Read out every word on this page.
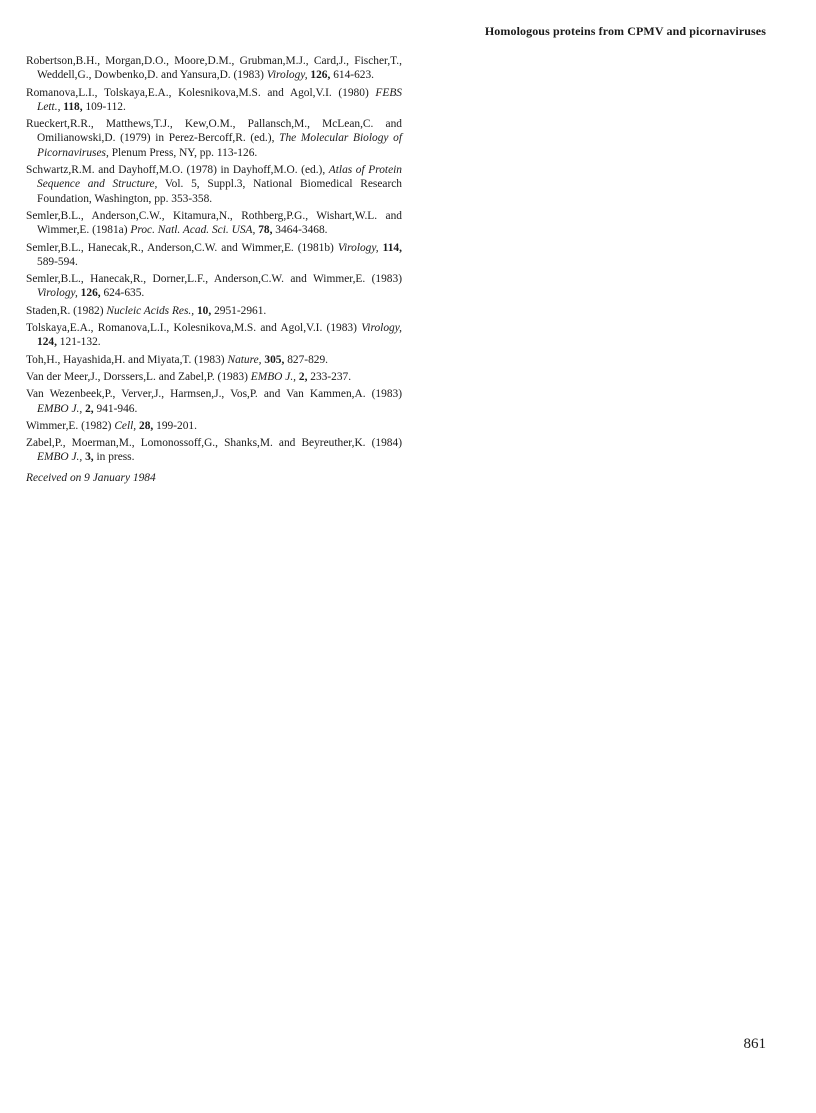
Homologous proteins from CPMV and picornaviruses

Robertson,B.H., Morgan,D.O., Moore,D.M., Grubman,M.J., Card,J., Fischer,T., Weddell,G., Dowbenko,D. and Yansura,D. (1983) Virology, 126, 614-623.

Romanova,L.I., Tolskaya,E.A., Kolesnikova,M.S. and Agol,V.I. (1980) FEBS Lett., 118, 109-112.

Rueckert,R.R., Matthews,T.J., Kew,O.M., Pallansch,M., McLean,C. and Omilianowski,D. (1979) in Perez-Bercoff,R. (ed.), The Molecular Biology of Picornaviruses, Plenum Press, NY, pp. 113-126.

Schwartz,R.M. and Dayhoff,M.O. (1978) in Dayhoff,M.O. (ed.), Atlas of Protein Sequence and Structure, Vol. 5, Suppl.3, National Biomedical Research Foundation, Washington, pp. 353-358.

Semler,B.L., Anderson,C.W., Kitamura,N., Rothberg,P.G., Wishart,W.L. and Wimmer,E. (1981a) Proc. Natl. Acad. Sci. USA, 78, 3464-3468.

Semler,B.L., Hanecak,R., Anderson,C.W. and Wimmer,E. (1981b) Virology, 114, 589-594.

Semler,B.L., Hanecak,R., Dorner,L.F., Anderson,C.W. and Wimmer,E. (1983) Virology, 126, 624-635.

Staden,R. (1982) Nucleic Acids Res., 10, 2951-2961.

Tolskaya,E.A., Romanova,L.I., Kolesnikova,M.S. and Agol,V.I. (1983) Virology, 124, 121-132.

Toh,H., Hayashida,H. and Miyata,T. (1983) Nature, 305, 827-829.

Van der Meer,J., Dorssers,L. and Zabel,P. (1983) EMBO J., 2, 233-237.

Van Wezenbeek,P., Verver,J., Harmsen,J., Vos,P. and Van Kammen,A. (1983) EMBO J., 2, 941-946.

Wimmer,E. (1982) Cell, 28, 199-201.

Zabel,P., Moerman,M., Lomonossoff,G., Shanks,M. and Beyreuther,K. (1984) EMBO J., 3, in press.

Received on 9 January 1984
861
